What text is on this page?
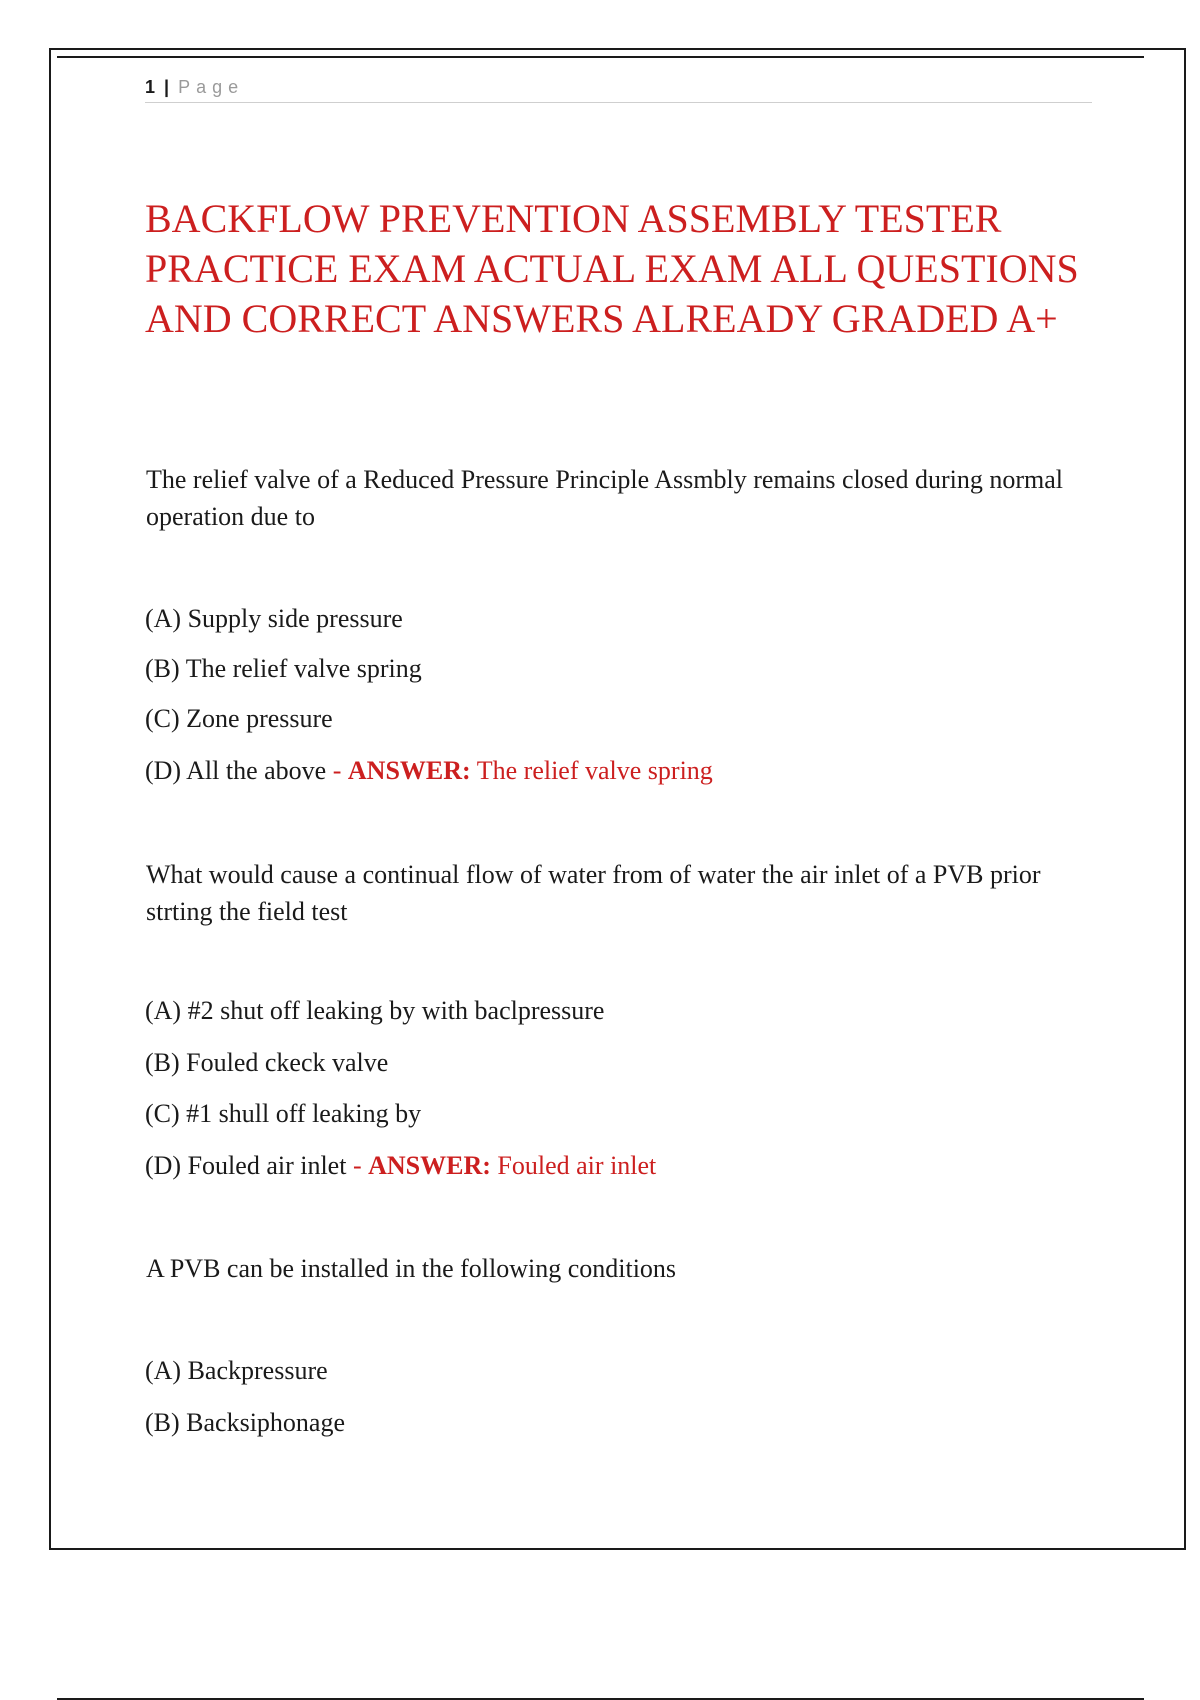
1 | Page
BACKFLOW PREVENTION ASSEMBLY TESTER PRACTICE EXAM ACTUAL EXAM ALL QUESTIONS AND CORRECT ANSWERS ALREADY GRADED A+

The relief valve of a Reduced Pressure Principle Assmbly remains closed during normal operation due to

(A) Supply side pressure

(B) The relief valve spring

(C) Zone pressure

(D) All the above - ANSWER: The relief valve spring

What would cause a continual flow of water from of water the air inlet of a PVB prior strting the field test

(A) #2 shut off leaking by with baclpressure

(B) Fouled ckeck valve

(C) #1 shull off leaking by

(D) Fouled air inlet - ANSWER: Fouled air inlet

A PVB can be installed in the following conditions

(A) Backpressure

(B) Backsiphonage
